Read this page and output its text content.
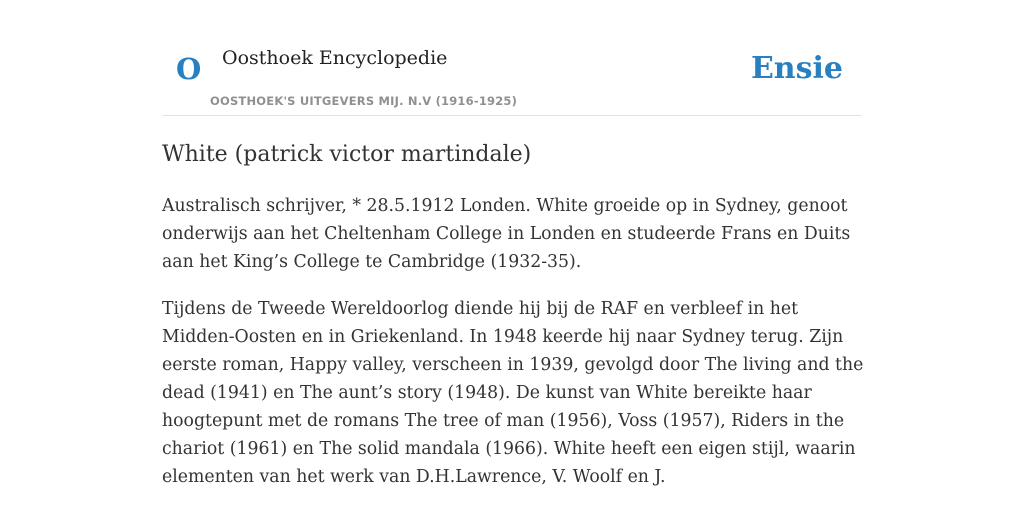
O Oosthoek Encyclopedie
OOSTHOEK'S UITGEVERS MIJ. N.V (1916-1925)
Ensie
White (patrick victor martindale)

Australisch schrijver, * 28.5.1912 Londen. White groeide op in Sydney, genoot onderwijs aan het Cheltenham College in Londen en studeerde Frans en Duits aan het King’s College te Cambridge (1932-35).

Tijdens de Tweede Wereldoorlog diende hij bij de RAF en verbleef in het Midden-Oosten en in Griekenland. In 1948 keerde hij naar Sydney terug. Zijn eerste roman, Happy valley, verscheen in 1939, gevolgd door The living and the dead (1941) en The aunt’s story (1948). De kunst van White bereikte haar hoogtepunt met de romans The tree of man (1956), Voss (1957), Riders in the chariot (1961) en The solid mandala (1966). White heeft een eigen stijl, waarin elementen van het werk van D.H.Lawrence, V. Woolf en J.
